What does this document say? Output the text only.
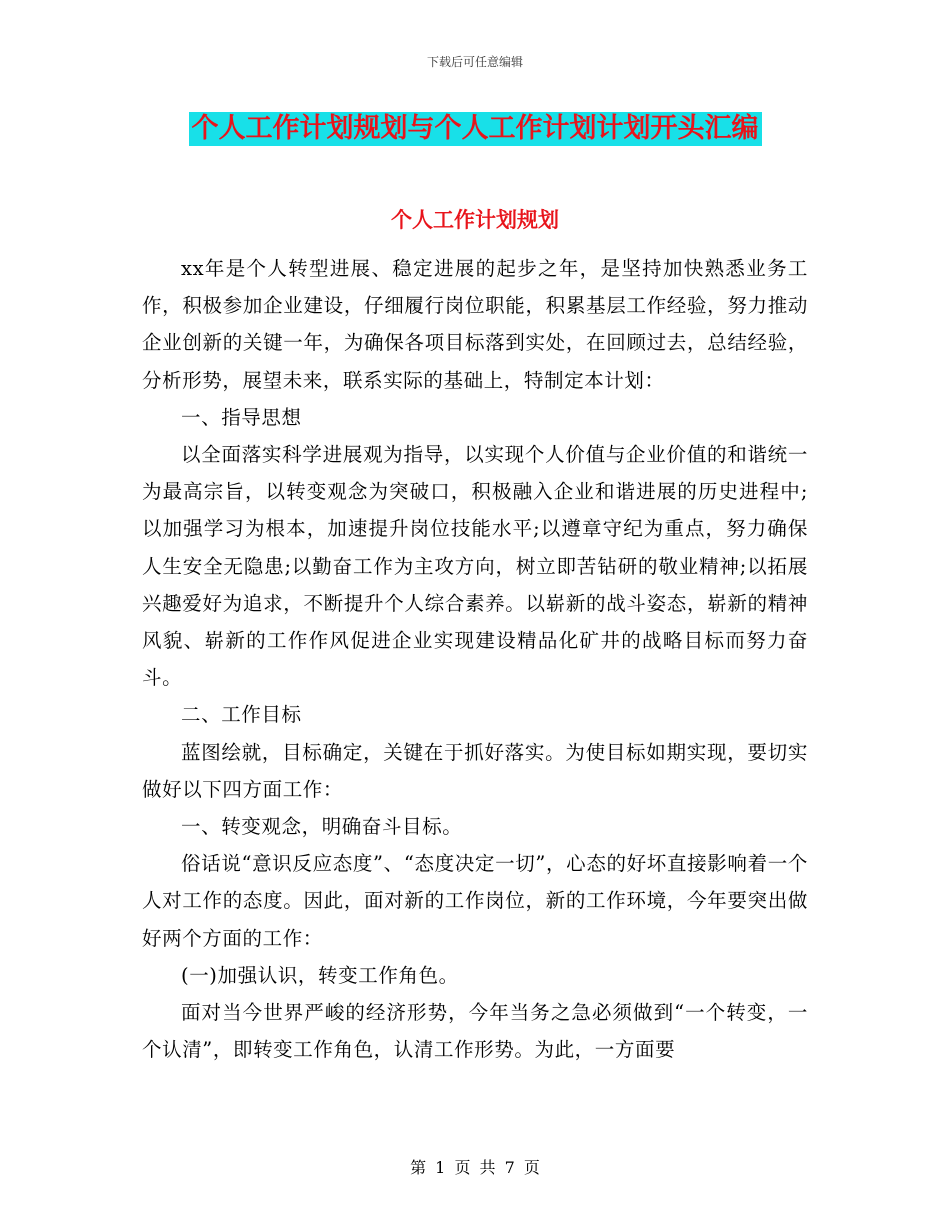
下载后可任意编辑
个人工作计划规划与个人工作计划计划开头汇编
个人工作计划规划

xx年是个人转型进展、稳定进展的起步之年，是坚持加快熟悉业务工作，积极参加企业建设，仔细履行岗位职能，积累基层工作经验，努力推动企业创新的关键一年，为确保各项目标落到实处，在回顾过去，总结经验，分析形势，展望未来，联系实际的基础上，特制定本计划：

一、指导思想

以全面落实科学进展观为指导，以实现个人价值与企业价值的和谐统一为最高宗旨，以转变观念为突破口，积极融入企业和谐进展的历史进程中;以加强学习为根本，加速提升岗位技能水平;以遵章守纪为重点，努力确保人生安全无隐患;以勤奋工作为主攻方向，树立即苦钻研的敬业精神;以拓展兴趣爱好为追求，不断提升个人综合素养。以崭新的战斗姿态，崭新的精神风貌、崭新的工作作风促进企业实现建设精品化矿井的战略目标而努力奋斗。

二、工作目标

蓝图绘就，目标确定，关键在于抓好落实。为使目标如期实现，要切实做好以下四方面工作：

一、转变观念，明确奋斗目标。

俗话说“意识反应态度”、“态度决定一切”，心态的好坏直接影响着一个人对工作的态度。因此，面对新的工作岗位，新的工作环境，今年要突出做好两个方面的工作：

(一)加强认识，转变工作角色。

面对当今世界严峻的经济形势，今年当务之急必须做到“一个转变，一个认清”，即转变工作角色，认清工作形势。为此，一方面要

第 1 页 共 7 页
